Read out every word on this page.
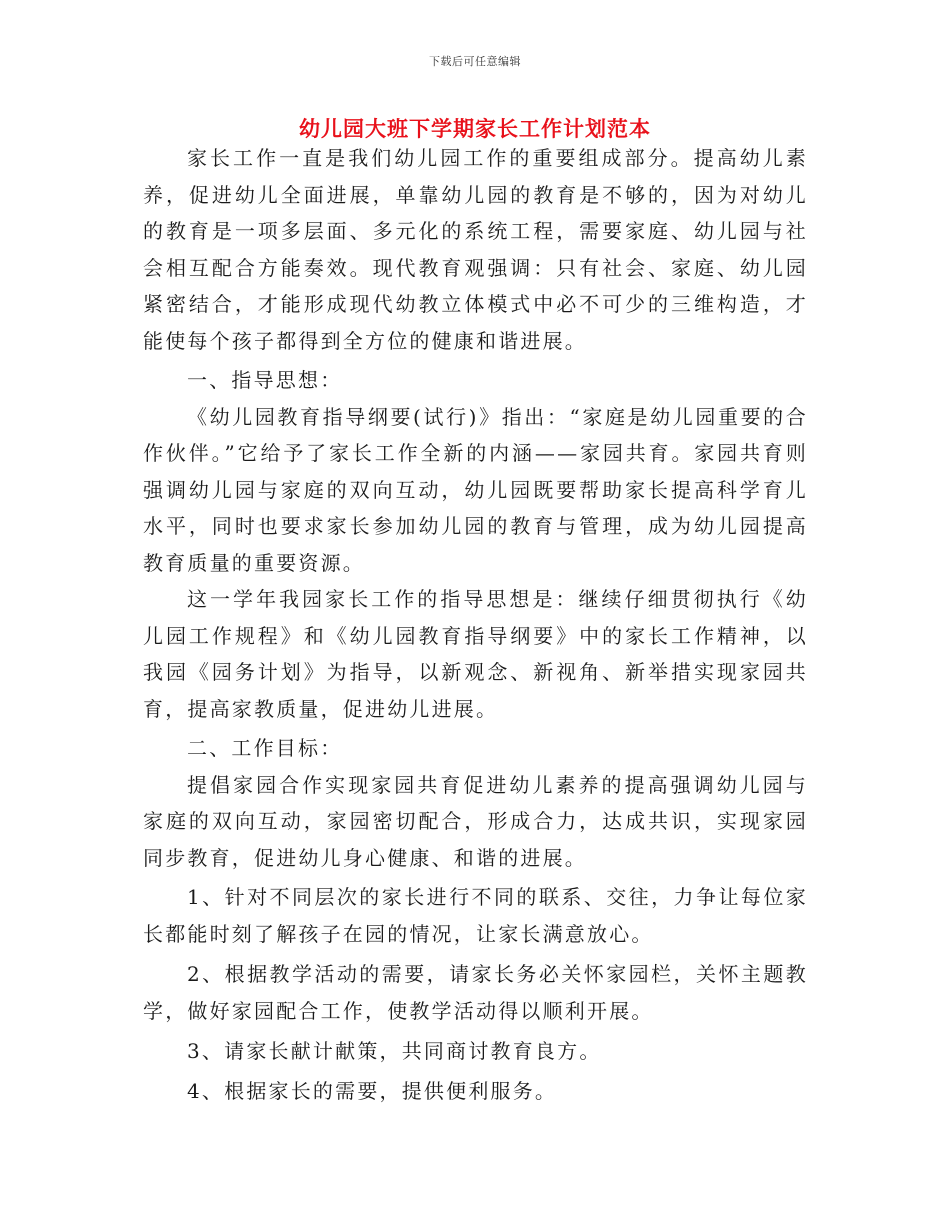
下载后可任意编辑
幼儿园大班下学期家长工作计划范本

家长工作一直是我们幼儿园工作的重要组成部分。提高幼儿素养，促进幼儿全面进展，单靠幼儿园的教育是不够的，因为对幼儿的教育是一项多层面、多元化的系统工程，需要家庭、幼儿园与社会相互配合方能奏效。现代教育观强调：只有社会、家庭、幼儿园紧密结合，才能形成现代幼教立体模式中必不可少的三维构造，才能使每个孩子都得到全方位的健康和谐进展。

一、指导思想：

《幼儿园教育指导纲要(试行)》指出：“家庭是幼儿园重要的合作伙伴。”它给予了家长工作全新的内涵——家园共育。家园共育则强调幼儿园与家庭的双向互动，幼儿园既要帮助家长提高科学育儿水平，同时也要求家长参加幼儿园的教育与管理，成为幼儿园提高教育质量的重要资源。

这一学年我园家长工作的指导思想是：继续仔细贯彻执行《幼儿园工作规程》和《幼儿园教育指导纲要》中的家长工作精神，以我园《园务计划》为指导，以新观念、新视角、新举措实现家园共育，提高家教质量，促进幼儿进展。

二、工作目标：

提倡家园合作实现家园共育促进幼儿素养的提高强调幼儿园与家庭的双向互动，家园密切配合，形成合力，达成共识，实现家园同步教育，促进幼儿身心健康、和谐的进展。

1、针对不同层次的家长进行不同的联系、交往，力争让每位家长都能时刻了解孩子在园的情况，让家长满意放心。

2、根据教学活动的需要，请家长务必关怀家园栏，关怀主题教学，做好家园配合工作，使教学活动得以顺利开展。

3、请家长献计献策，共同商讨教育良方。

4、根据家长的需要，提供便利服务。
